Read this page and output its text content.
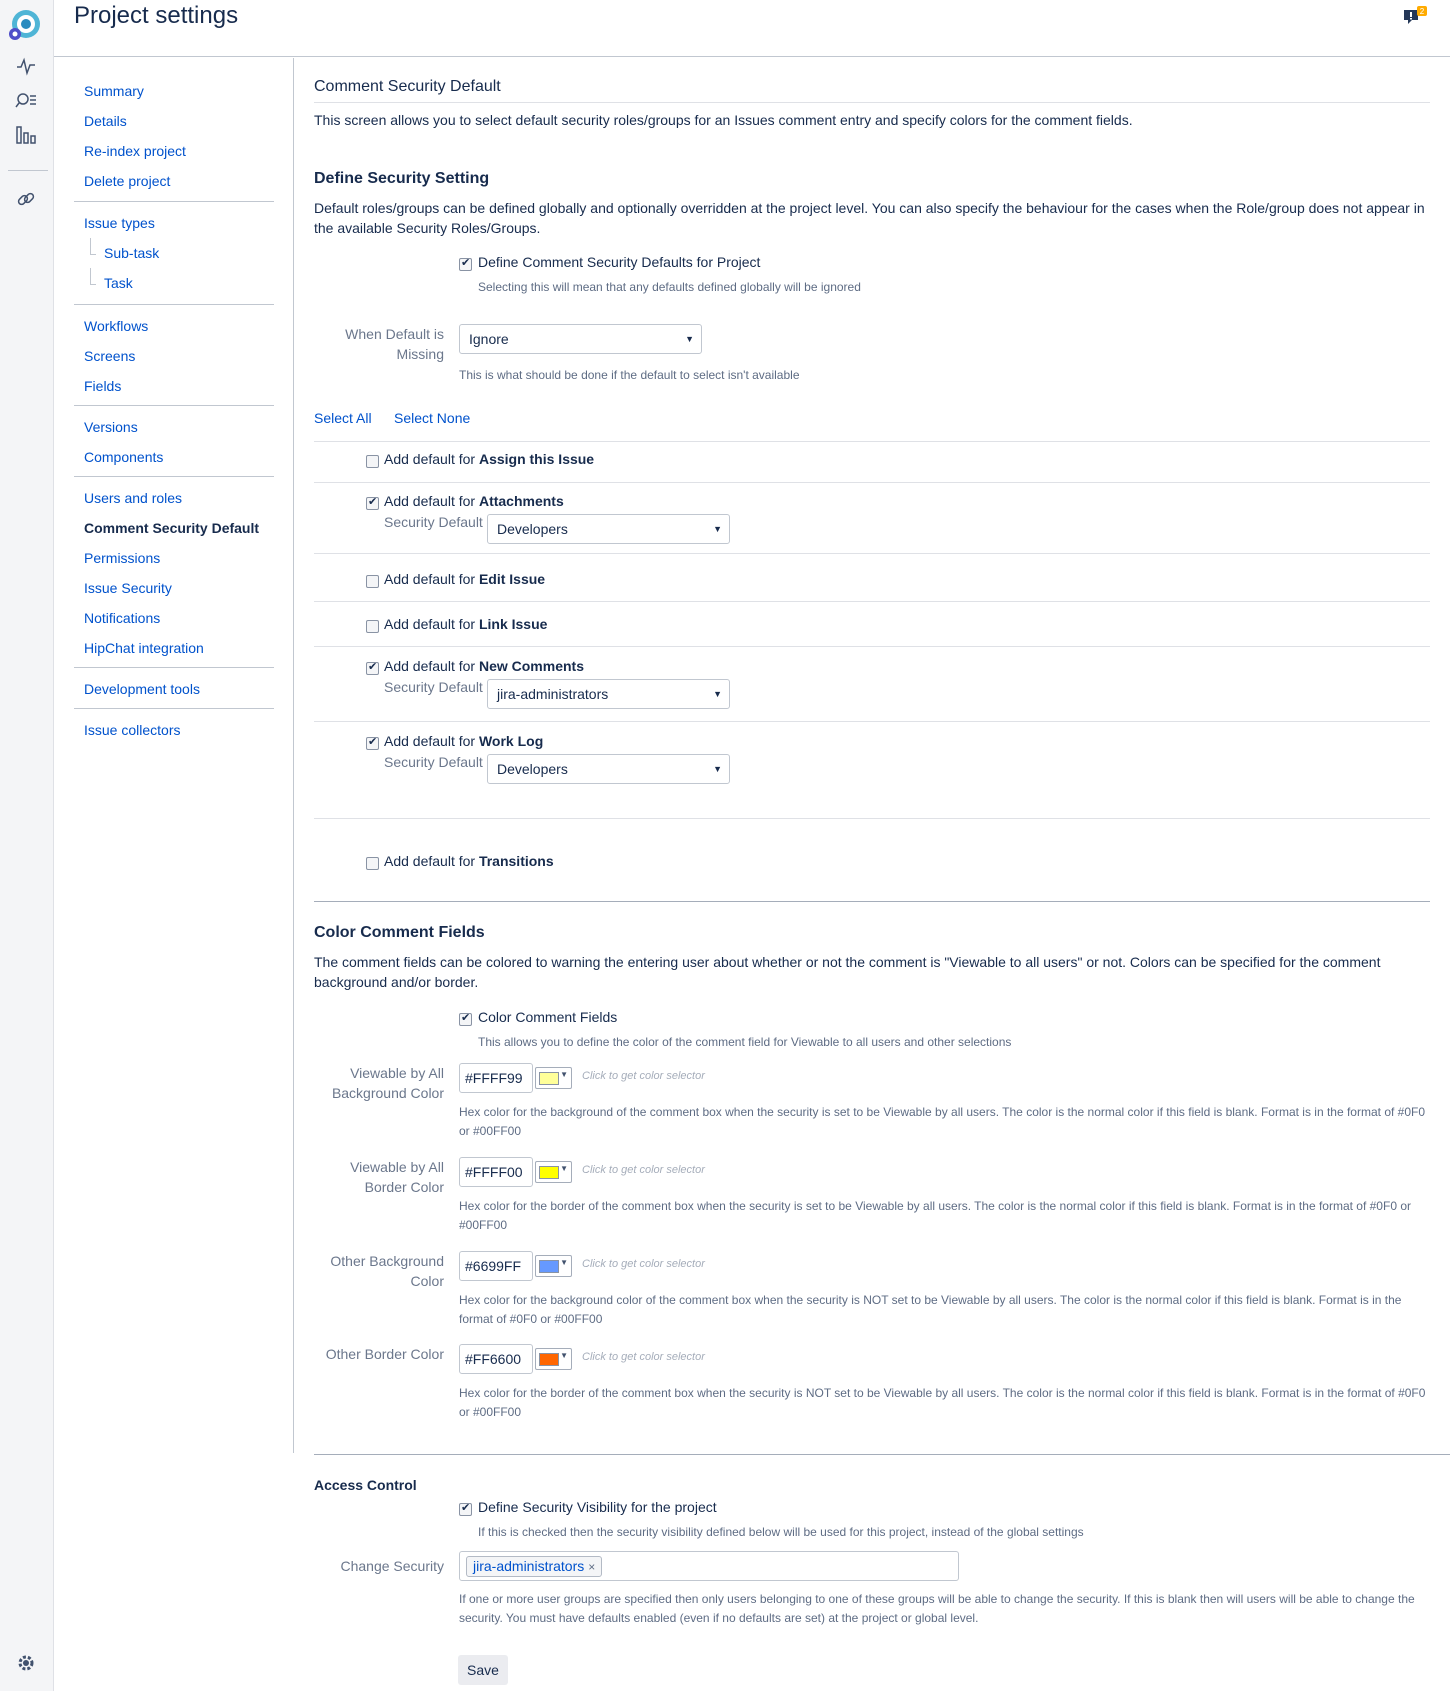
Project settings	2
Summary
Details
Re-index project
Delete project
Issue types
Sub-task
Task
Workflows
Screens
Fields
Versions
Components
Users and roles
Comment Security Default
Permissions
Issue Security
Notifications
HipChat integration
Development tools
Issue collectors
Comment Security Default
This screen allows you to select default security roles/groups for an Issues comment entry and specify colors for the comment fields.
Define Security Setting
Default roles/groups can be defined globally and optionally overridden at the project level. You can also specify the behaviour for the cases when the Role/group does not appear in the available Security Roles/Groups.
✔
Define Comment Security Defaults for Project
Selecting this will mean that any defaults defined globally will be ignored
When Default is Missing
Ignore	▼
This is what should be done if the default to select isn't available
Select All Select None
Add default for Assign this Issue
✔
Add default for Attachments
Security Default	Developers	▼
Add default for Edit Issue
Add default for Link Issue
✔
Add default for New Comments
Security Default	jira-administrators	▼
✔
Add default for Work Log
Security Default	Developers	▼
Add default for Transitions
Color Comment Fields
The comment fields can be colored to warning the entering user about whether or not the comment is "Viewable to all users" or not. Colors can be specified for the comment background and/or border.
✔
Color Comment Fields
This allows you to define the color of the comment field for Viewable to all users and other selections
Viewable by All Background Color
#FFFF99	▼ Click to get color selector
Hex color for the background of the comment box when the security is set to be Viewable by all users. The color is the normal color if this field is blank. Format is in the format of #0F0 or #00FF00
Viewable by All Border Color
#FFFF00	▼ Click to get color selector
Hex color for the border of the comment box when the security is set to be Viewable by all users. The color is the normal color if this field is blank. Format is in the format of #0F0 or #00FF00
Other Background Color
#6699FF	▼ Click to get color selector
Hex color for the background color of the comment box when the security is NOT set to be Viewable by all users. The color is the normal color if this field is blank. Format is in the format of #0F0 or #00FF00
Other Border Color	#FF6600	▼ Click to get color selector
Hex color for the border of the comment box when the security is NOT set to be Viewable by all users. The color is the normal color if this field is blank. Format is in the format of #0F0 or #00FF00
Access Control
✔
Define Security Visibility for the project
If this is checked then the security visibility defined below will be used for this project, instead of the global settings
Change Security	jira-administrators ×
If one or more user groups are specified then only users belonging to one of these groups will be able to change the security. If this is blank then will users will be able to change the security. You must have defaults enabled (even if no defaults are set) at the project or global level.
Save
